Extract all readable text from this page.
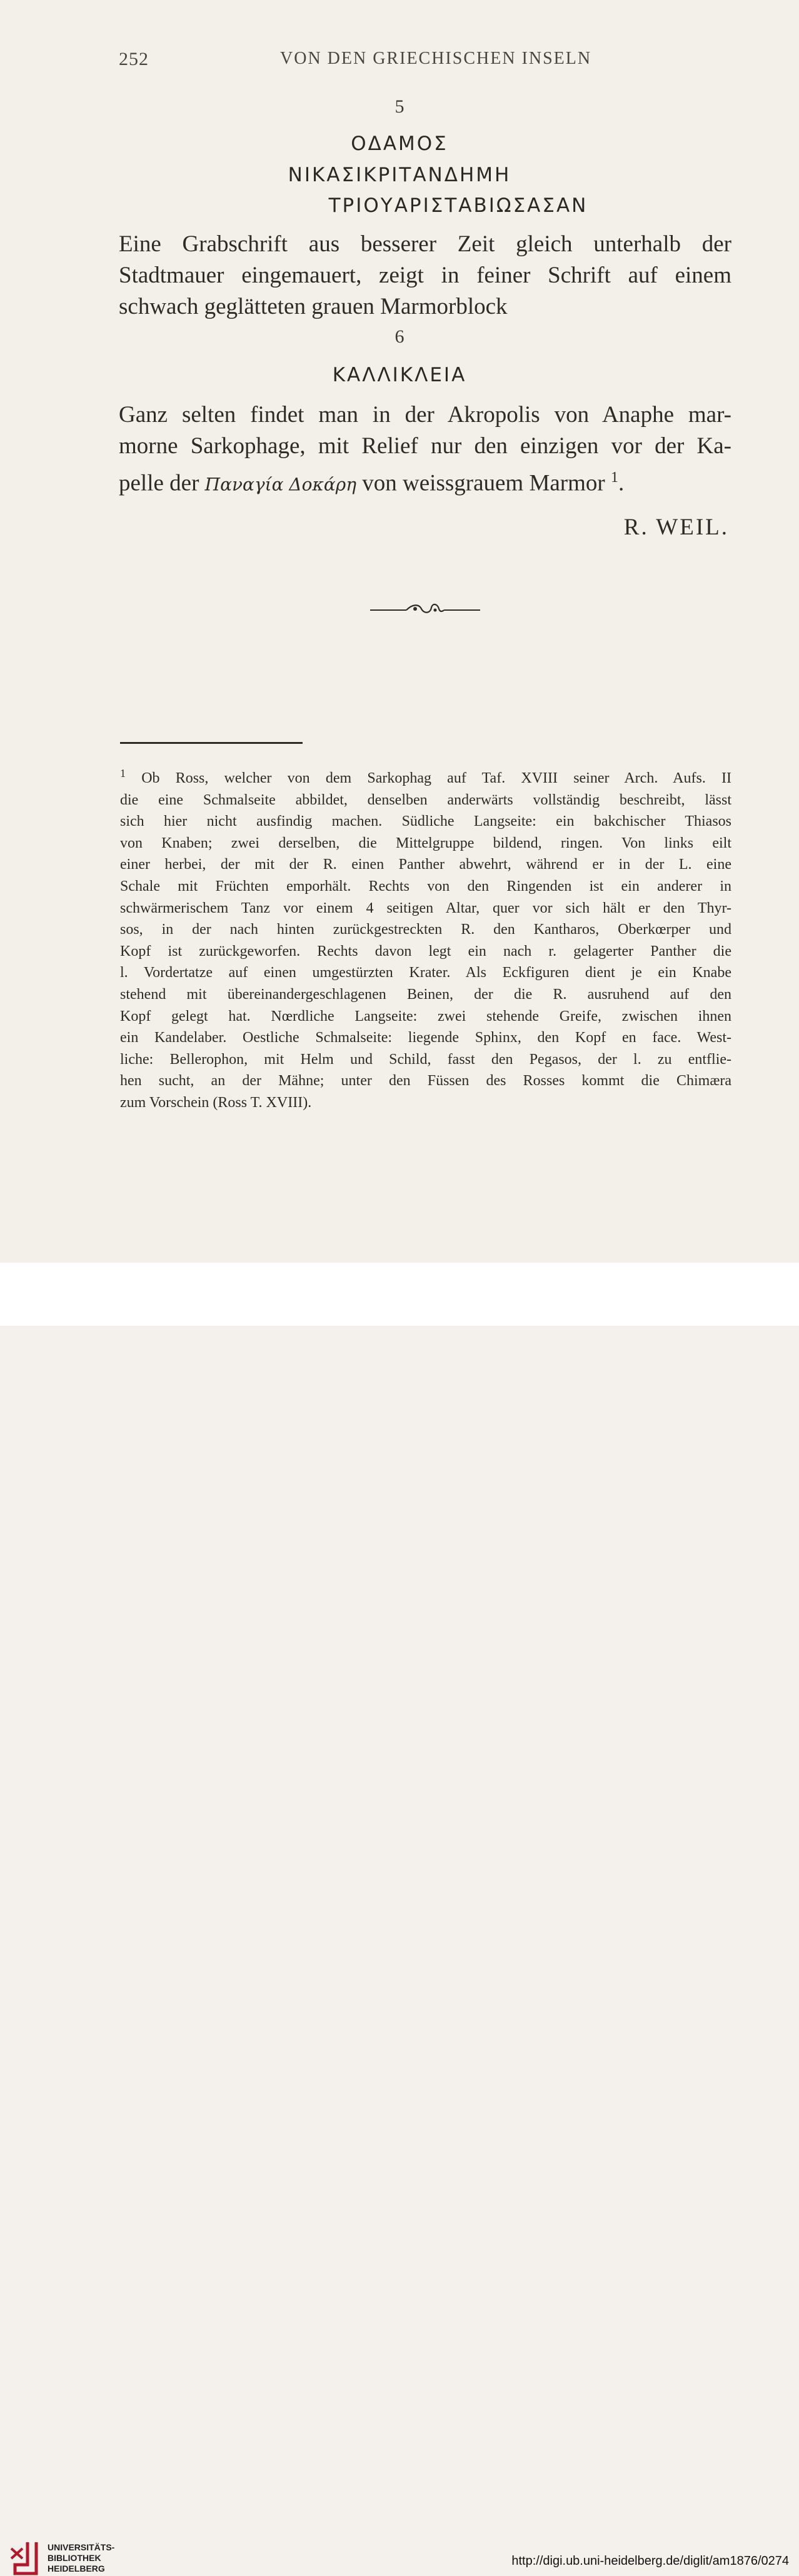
252	VON DEN GRIECHISCHEN INSELN
5
ΟΔΑΜΟΣ
ΝΙΚΑΣΙΚΡΙΤΑΝΔΗΜΗ
ΤΡΙΟΥΑΡΙΣΤΑΒΙΩΣΑΣΑΝ
Eine Grabschrift aus besserer Zeit gleich unterhalb der
Stadtmauer eingemauert, zeigt in feiner Schrift auf einem
schwach geglätteten grauen Marmorblock
6
ΚΑΛΛΙΚΛΕΙΑ
Ganz selten findet man in der Akropolis von Anaphe mar-
morne Sarkophage, mit Relief nur den einzigen vor der Ka-
pelle der Παναγία Δοκάρη von weissgrauem Marmor $^1$.
R. WEIL.
$^1$ Ob Ross, welcher von dem Sarkophag auf Taf. XVIII seiner Arch. Aufs. II
die eine Schmalseite abbildet, denselben anderwärts vollständig beschreibt, lässt
sich hier nicht ausfindig machen. Südliche Langseite: ein bakchischer Thiasos
von Knaben; zwei derselben, die Mittelgruppe bildend, ringen. Von links eilt
einer herbei, der mit der R. einen Panther abwehrt, während er in der L. eine
Schale mit Früchten emporhält. Rechts von den Ringenden ist ein anderer in
schwärmerischem Tanz vor einem 4 seitigen Altar, quer vor sich hält er den Thyr-
sos, in der nach hinten zurückgestreckten R. den Kantharos, Oberkœrper und
Kopf ist zurückgeworfen. Rechts davon legt ein nach r. gelagerter Panther die
l. Vordertatze auf einen umgestürzten Krater. Als Eckfiguren dient je ein Knabe
stehend mit übereinandergeschlagenen Beinen, der die R. ausruhend auf den
Kopf gelegt hat. Nœrdliche Langseite: zwei stehende Greife, zwischen ihnen
ein Kandelaber. Oestliche Schmalseite: liegende Sphinx, den Kopf en face. West-
liche: Bellerophon, mit Helm und Schild, fasst den Pegasos, der l. zu entflie-
hen sucht, an der Mähne; unter den Füssen des Rosses kommt die Chimæra
zum Vorschein (Ross T. XVIII).
UNIVERSITÄTS-
BIBLIOTHEK
HEIDELBERG
http://digi.ub.uni-heidelberg.de/diglit/am1876/0274
